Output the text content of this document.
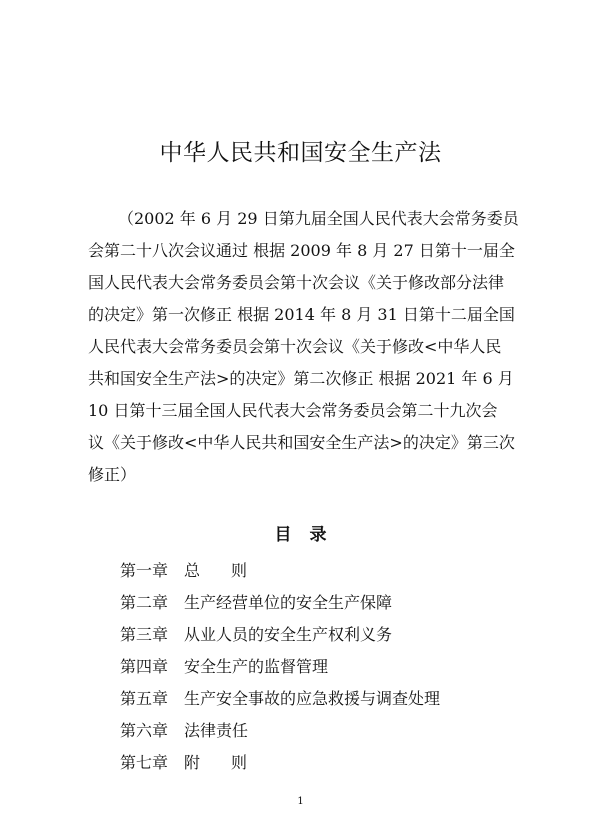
中华人民共和国安全生产法
（2002 年 6 月 29 日第九届全国人民代表大会常务委员
会第二十八次会议通过 根据 2009 年 8 月 27 日第十一届全
国人民代表大会常务委员会第十次会议《关于修改部分法律
的决定》第一次修正 根据 2014 年 8 月 31 日第十二届全国
人民代表大会常务委员会第十次会议《关于修改<中华人民
共和国安全生产法>的决定》第二次修正 根据 2021 年 6 月
10 日第十三届全国人民代表大会常务委员会第二十九次会
议《关于修改<中华人民共和国安全生产法>的决定》第三次
修正）
目 录
第一章 总则
第二章 生产经营单位的安全生产保障
第三章 从业人员的安全生产权利义务
第四章 安全生产的监督管理
第五章 生产安全事故的应急救援与调查处理
第六章 法律责任
第七章 附则
1
